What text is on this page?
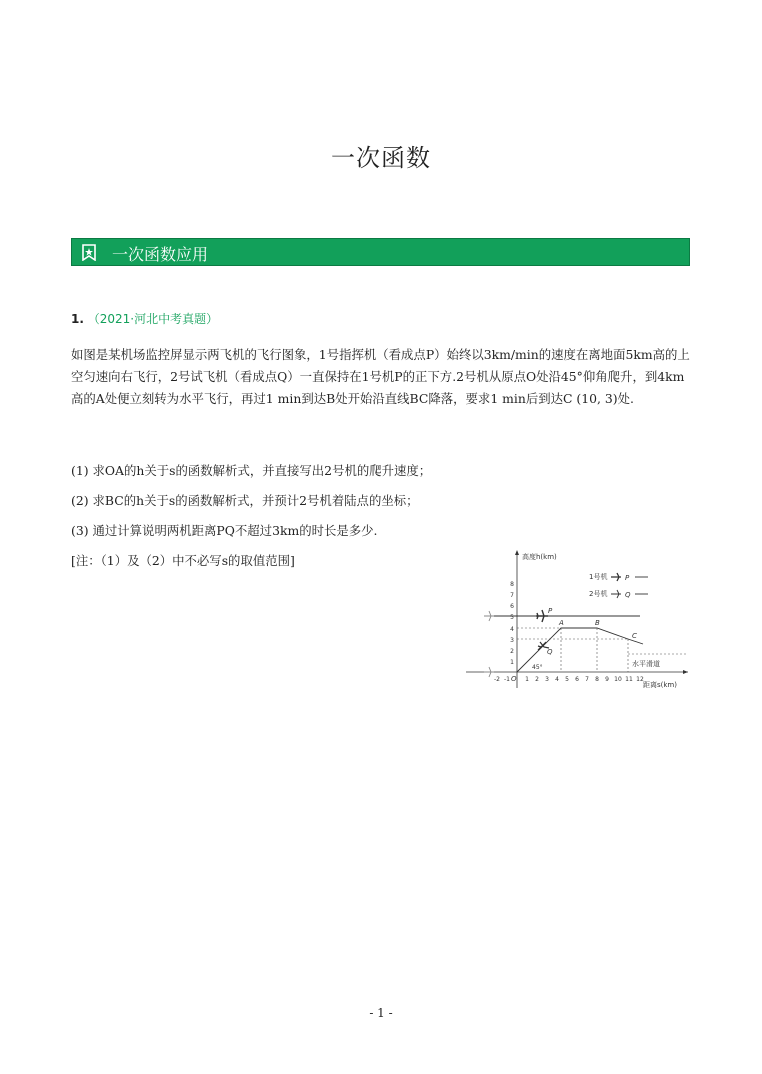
一次函数
一次函数应用
1. （2021·河北中考真题）
如图是某机场监控屏显示两飞机的飞行图象，1号指挥机（看成点P）始终以3km/min的速度在离地面5km高的上空匀速向右飞行，2号试飞机（看成点Q）一直保持在1号机P的正下方.2号机从原点O处沿45°仰角爬升，到4km高的A处便立刻转为水平飞行，再过1 min到达B处开始沿直线BC降落，要求1 min后到达C (10, 3)处.
(1) 求OA的h关于s的函数解析式，并直接写出2号机的爬升速度；
(2) 求BC的h关于s的函数解析式，并预计2号机着陆点的坐标；
(3) 通过计算说明两机距离PQ不超过3km的时长是多少.
[注：（1）及（2）中不必写s的取值范围]	高度h(km)
距离s(km)
O
-2 -1	1 2 3 4 5 6 7 8 9 10 11 12
1
2
3
4
5
6
7
8
P
Q
A	B
C
45°	水平滑道
1号机	P
2号机	Q
- 1 -
